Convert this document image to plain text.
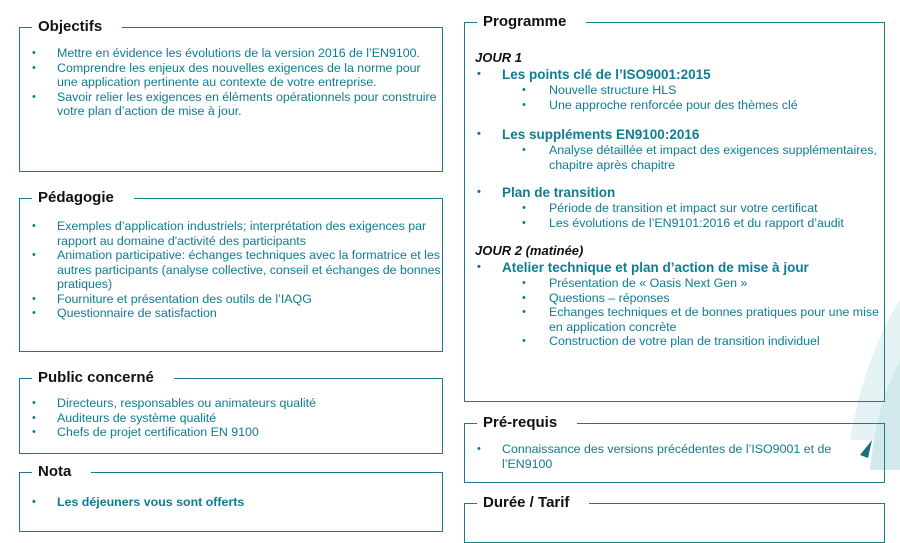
Objectifs
• Mettre en évidence les évolutions de la version 2016 de l’EN9100.
• Comprendre les enjeux des nouvelles exigences de la norme pour une application pertinente au contexte de votre entreprise.
• Savoir relier les exigences en éléments opérationnels pour construire votre plan d’action de mise à jour.
Pédagogie
• Exemples d’application industriels; interprétation des exigences par rapport au domaine d'activité des participants
• Animation participative: échanges techniques avec la formatrice et les autres participants (analyse collective, conseil et échanges de bonnes pratiques)
• Fourniture et présentation des outils de l’IAQG
• Questionnaire de satisfaction
Public concerné
• Directeurs, responsables ou animateurs qualité
• Auditeurs de système qualité
• Chefs de projet certification EN 9100
Nota
• Les déjeuners vous sont offerts
Programme
JOUR 1
• Les points clé de l’ISO9001:2015
• Nouvelle structure HLS
• Une approche renforcée pour des thèmes clé
• Les suppléments EN9100:2016
• Analyse détaillée et impact des exigences supplémentaires, chapitre après chapitre
• Plan de transition
• Période de transition et impact sur votre certificat
• Les évolutions de l’EN9101:2016 et du rapport d’audit
JOUR 2 (matinée)
• Atelier technique et plan d’action de mise à jour
• Présentation de « Oasis Next Gen »
• Questions – réponses
• Echanges techniques et de bonnes pratiques pour une mise en application concrète
• Construction de votre plan de transition individuel
Pré-requis
• Connaissance des versions précédentes de l’ISO9001 et de l’EN9100
Durée / Tarif
